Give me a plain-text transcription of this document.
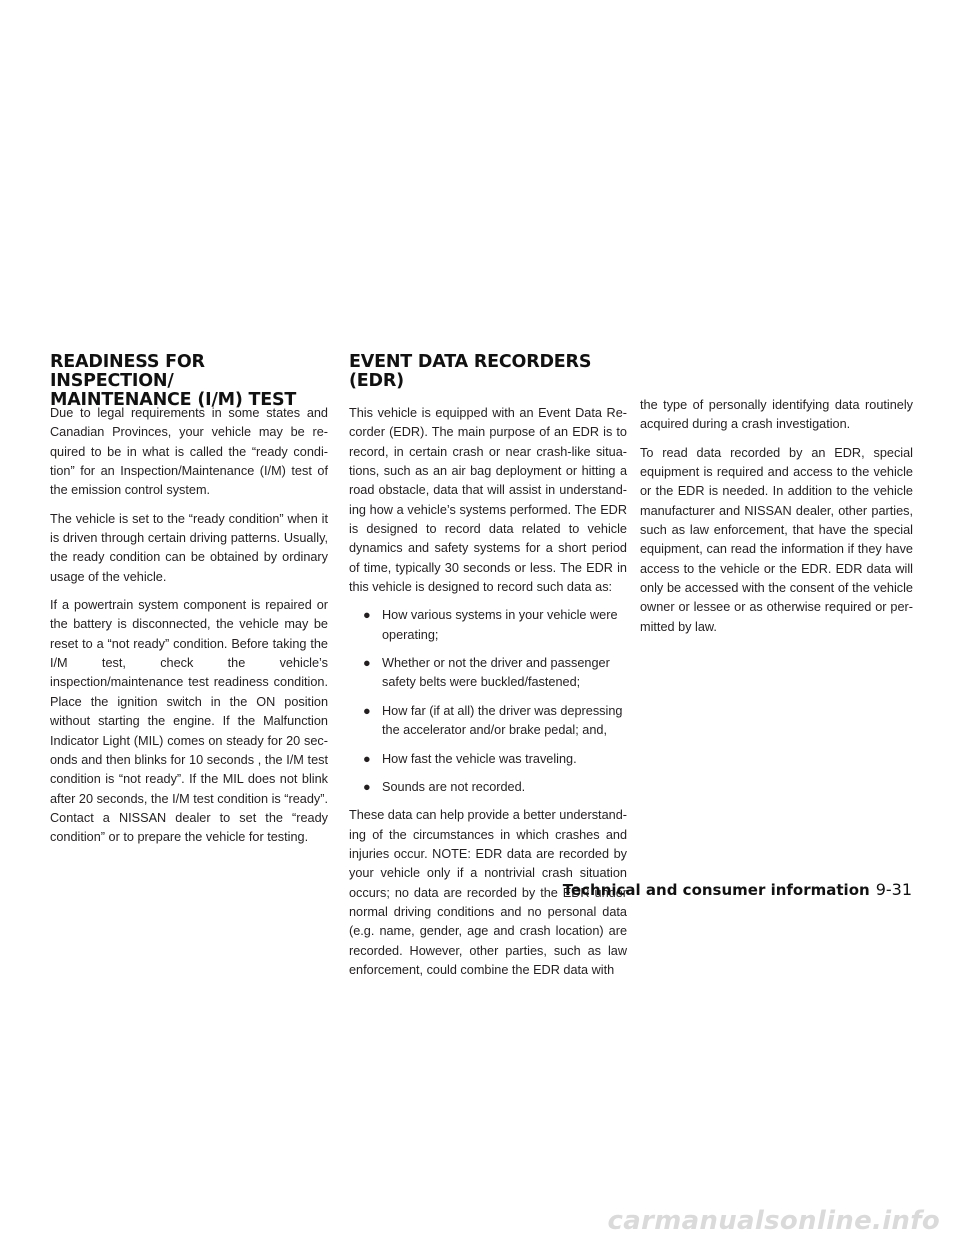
READINESS FOR INSPECTION/
MAINTENANCE (I/M) TEST
EVENT DATA RECORDERS (EDR)

Due to legal requirements in some states and Canadian Provinces, your vehicle may be required to be in what is called the “ready condition” for an Inspection/Maintenance (I/M) test of the emission control system.

The vehicle is set to the “ready condition” when it is driven through certain driving patterns. Usually, the ready condition can be obtained by ordinary usage of the vehicle.

If a powertrain system component is repaired or the battery is disconnected, the vehicle may be reset to a “not ready” condition. Before taking the I/M test, check the vehicle’s inspection/maintenance test readiness condition. Place the ignition switch in the ON position without starting the engine. If the Malfunction Indicator Light (MIL) comes on steady for 20 seconds and then blinks for 10 seconds , the I/M test condition is “not ready”. If the MIL does not blink after 20 seconds, the I/M test condition is “ready”. Contact a NISSAN dealer to set the “ready condition” or to prepare the vehicle for testing.

This vehicle is equipped with an Event Data Recorder (EDR). The main purpose of an EDR is to record, in certain crash or near crash-like situations, such as an air bag deployment or hitting a road obstacle, data that will assist in understanding how a vehicle’s systems performed. The EDR is designed to record data related to vehicle dynamics and safety systems for a short period of time, typically 30 seconds or less. The EDR in this vehicle is designed to record such data as:

● How various systems in your vehicle were operating;
● Whether or not the driver and passenger safety belts were buckled/fastened;
● How far (if at all) the driver was depressing the accelerator and/or brake pedal; and,
● How fast the vehicle was traveling.
● Sounds are not recorded.

These data can help provide a better understanding of the circumstances in which crashes and injuries occur. NOTE: EDR data are recorded by your vehicle only if a nontrivial crash situation occurs; no data are recorded by the EDR under normal driving conditions and no personal data (e.g. name, gender, age and crash location) are recorded. However, other parties, such as law enforcement, could combine the EDR data with

the type of personally identifying data routinely acquired during a crash investigation.

To read data recorded by an EDR, special equipment is required and access to the vehicle or the EDR is needed. In addition to the vehicle manufacturer and NISSAN dealer, other parties, such as law enforcement, that have the special equipment, can read the information if they have access to the vehicle or the EDR. EDR data will only be accessed with the consent of the vehicle owner or lessee or as otherwise required or permitted by law.

Technical and consumer information 9-31
carmanualsonline.info
